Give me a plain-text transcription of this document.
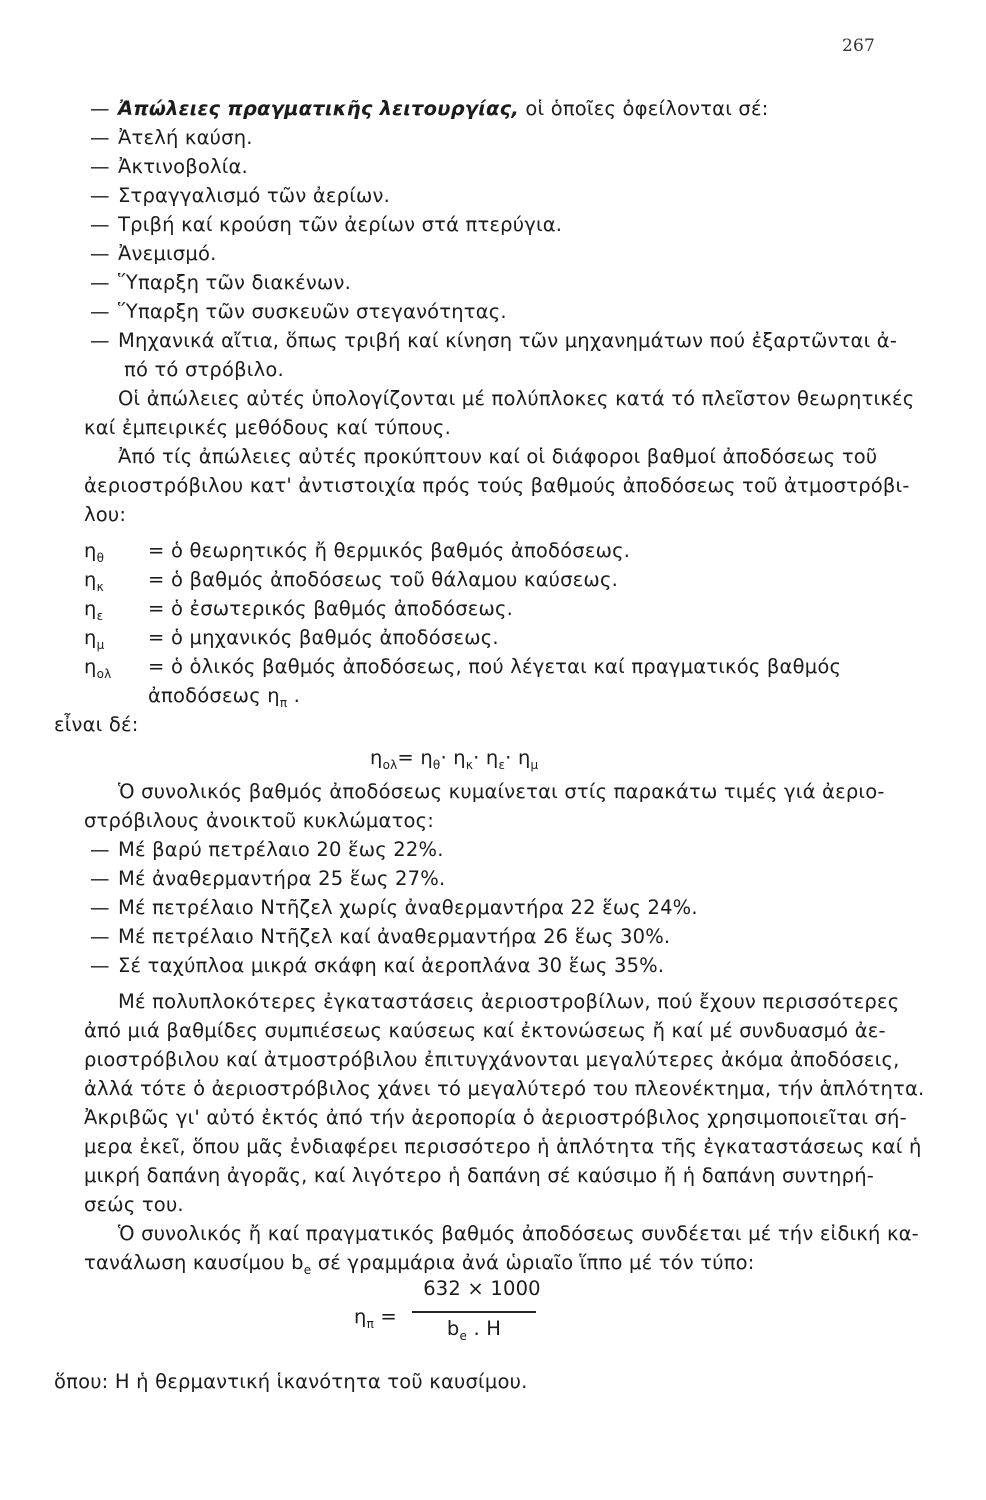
267
— Ἀπώλειες πραγματικῆς λειτουργίας, οἱ ὁποῖες ὀφείλονται σέ:
— Ἀτελή καύση.
— Ἀκτινοβολία.
— Στραγγαλισμό τῶν ἀερίων.
— Τριβή καί κρούση τῶν ἀερίων στά πτερύγια.
— Ἀνεμισμό.
— Ὕπαρξη τῶν διακένων.
— Ὕπαρξη τῶν συσκευῶν στεγανότητας.
— Μηχανικά αἴτια, ὅπως τριβή καί κίνηση τῶν μηχανημάτων πού ἐξαρτῶνται ἀ-
πό τό στρόβιλο.
Οἱ ἀπώλειες αὐτές ὑπολογίζονται μέ πολύπλοκες κατά τό πλεῖστον θεωρητικές
καί ἐμπειρικές μεθόδους καί τύπους.
Ἀπό τίς ἀπώλειες αὐτές προκύπτουν καί οἱ διάφοροι βαθμοί ἀποδόσεως τοῦ
ἀεριοστρόβιλου κατ' ἀντιστοιχία πρός τούς βαθμούς ἀποδόσεως τοῦ ἀτμοστρόβι-
λου:
$\eta_\theta$ = ὁ θεωρητικός ἤ θερμικός βαθμός ἀποδόσεως.
$\eta_\kappa$ = ὁ βαθμός ἀποδόσεως τοῦ θάλαμου καύσεως.
$\eta_\varepsilon$ = ὁ ἐσωτερικός βαθμός ἀποδόσεως.
$\eta_\mu$ = ὁ μηχανικός βαθμός ἀποδόσεως.
$\eta_{o\lambda}$ = ὁ ὁλικός βαθμός ἀποδόσεως, πού λέγεται καί πραγματικός βαθμός
ἀποδόσεως $\eta_\pi$ .
εἶναι δέ:
$\eta_{o\lambda}= \eta_\theta\cdot \eta_\kappa\cdot \eta_\varepsilon\cdot \eta_\mu$
Ὁ συνολικός βαθμός ἀποδόσεως κυμαίνεται στίς παρακάτω τιμές γιά ἀεριο-
στρόβιλους ἀνοικτοῦ κυκλώματος:
— Μέ βαρύ πετρέλαιο 20 ἕως 22%.
— Μέ ἀναθερμαντήρα 25 ἕως 27%.
— Μέ πετρέλαιο Ντῆζελ χωρίς ἀναθερμαντήρα 22 ἕως 24%.
— Μέ πετρέλαιο Ντῆζελ καί ἀναθερμαντήρα 26 ἕως 30%.
— Σέ ταχύπλοα μικρά σκάφη καί ἀεροπλάνα 30 ἕως 35%.
Μέ πολυπλοκότερες ἐγκαταστάσεις ἀεριοστροβίλων, πού ἔχουν περισσότερες
ἀπό μιά βαθμίδες συμπιέσεως καύσεως καί ἐκτονώσεως ἤ καί μέ συνδυασμό ἀε-
ριοστρόβιλου καί ἀτμοστρόβιλου ἐπιτυγχάνονται μεγαλύτερες ἀκόμα ἀποδόσεις,
ἀλλά τότε ὁ ἀεριοστρόβιλος χάνει τό μεγαλύτερό του πλεονέκτημα, τήν ἁπλότητα.
Ἀκριβῶς γι' αὐτό ἐκτός ἀπό τήν ἀεροπορία ὁ ἀεριοστρόβιλος χρησιμοποιεῖται σή-
μερα ἐκεῖ, ὅπου μᾶς ἐνδιαφέρει περισσότερο ἡ ἁπλότητα τῆς ἐγκαταστάσεως καί ἡ
μικρή δαπάνη ἀγορᾶς, καί λιγότερο ἡ δαπάνη σέ καύσιμο ἤ ἡ δαπάνη συντηρή-
σεώς του.
Ὁ συνολικός ἤ καί πραγματικός βαθμός ἀποδόσεως συνδέεται μέ τήν εἰδική κα-
τανάλωση καυσίμου $b_e$ σέ γραμμάρια ἀνά ὡριαῖο ἵππο μέ τόν τύπο:
$\eta_\pi$ =
632 × 1000
$b_e$ . H
ὅπου: H ἡ θερμαντική ἱκανότητα τοῦ καυσίμου.
